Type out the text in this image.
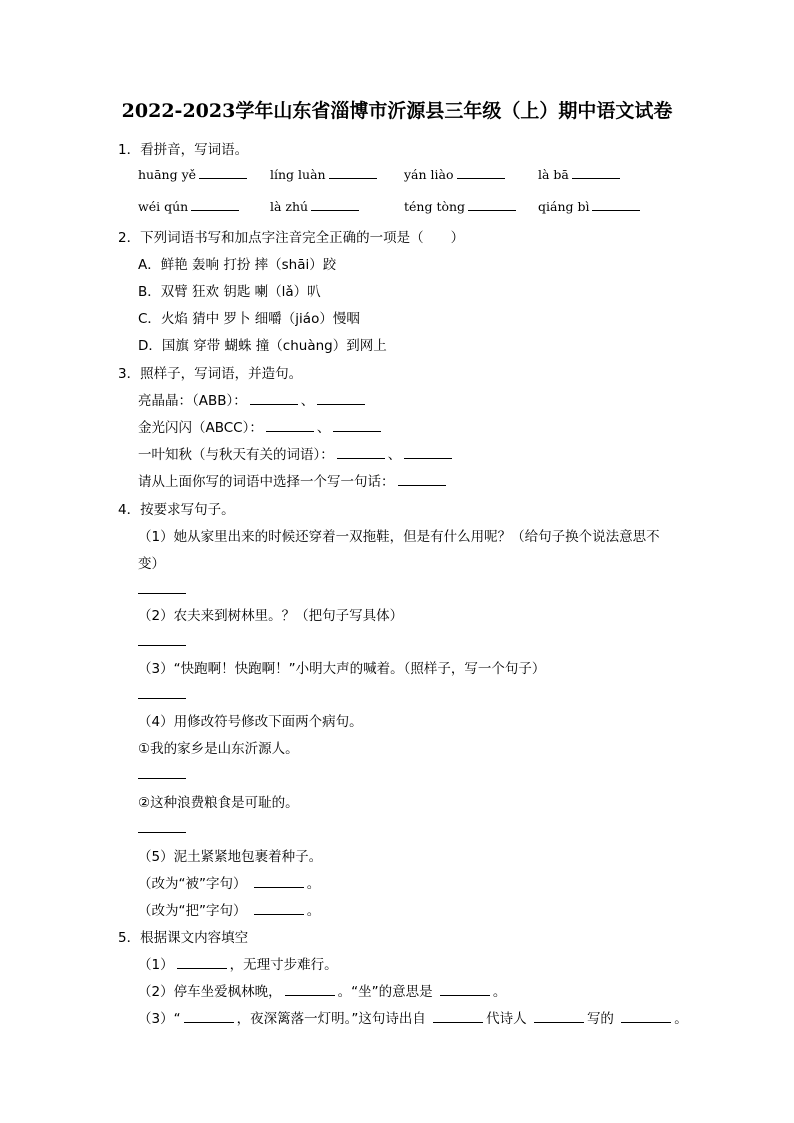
2022-2023学年山东省淄博市沂源县三年级（上）期中语文试卷
1．看拼音，写词语。
huāng yě	líng luàn	yán liào	là bā
wéi qún	là zhú	téng tòng	qiáng bì
2．下列词语书写和加点字注音完全正确的一项是（　　）
A．鲜艳 轰响 打扮 摔（shāi）跤
B．双臂 狂欢 钥匙 喇（lǎ）叭
C．火焰 猜中 罗卜 细嚼（jiáo）慢咽
D．国旗 穿带 蝴蛛 撞（chuàng）到网上
3．照样子，写词语，并造句。
亮晶晶：（ABB）：	、
金光闪闪（ABCC）：	、
一叶知秋（与秋天有关的词语）：	、
请从上面你写的词语中选择一个写一句话：
4．按要求写句子。
（1）她从家里出来的时候还穿着一双拖鞋，但是有什么用呢？（给句子换个说法意思不
变）
（2）农夫来到树林里。？（把句子写具体）
（3）“快跑啊！快跑啊！”小明大声的喊着。（照样子，写一个句子）
（4）用修改符号修改下面两个病句。
①我的家乡是山东沂源人。
②这种浪费粮食是可耻的。
（5）泥土紧紧地包裹着种子。
（改为“被”字句）	。
（改为“把”字句）	。
5．根据课文内容填空
（1）	，无理寸步难行。
（2）停车坐爱枫林晚，	。“坐”的意思是	。
（3）“	，夜深篱落一灯明。”这句诗出自	代诗人	写的	。
